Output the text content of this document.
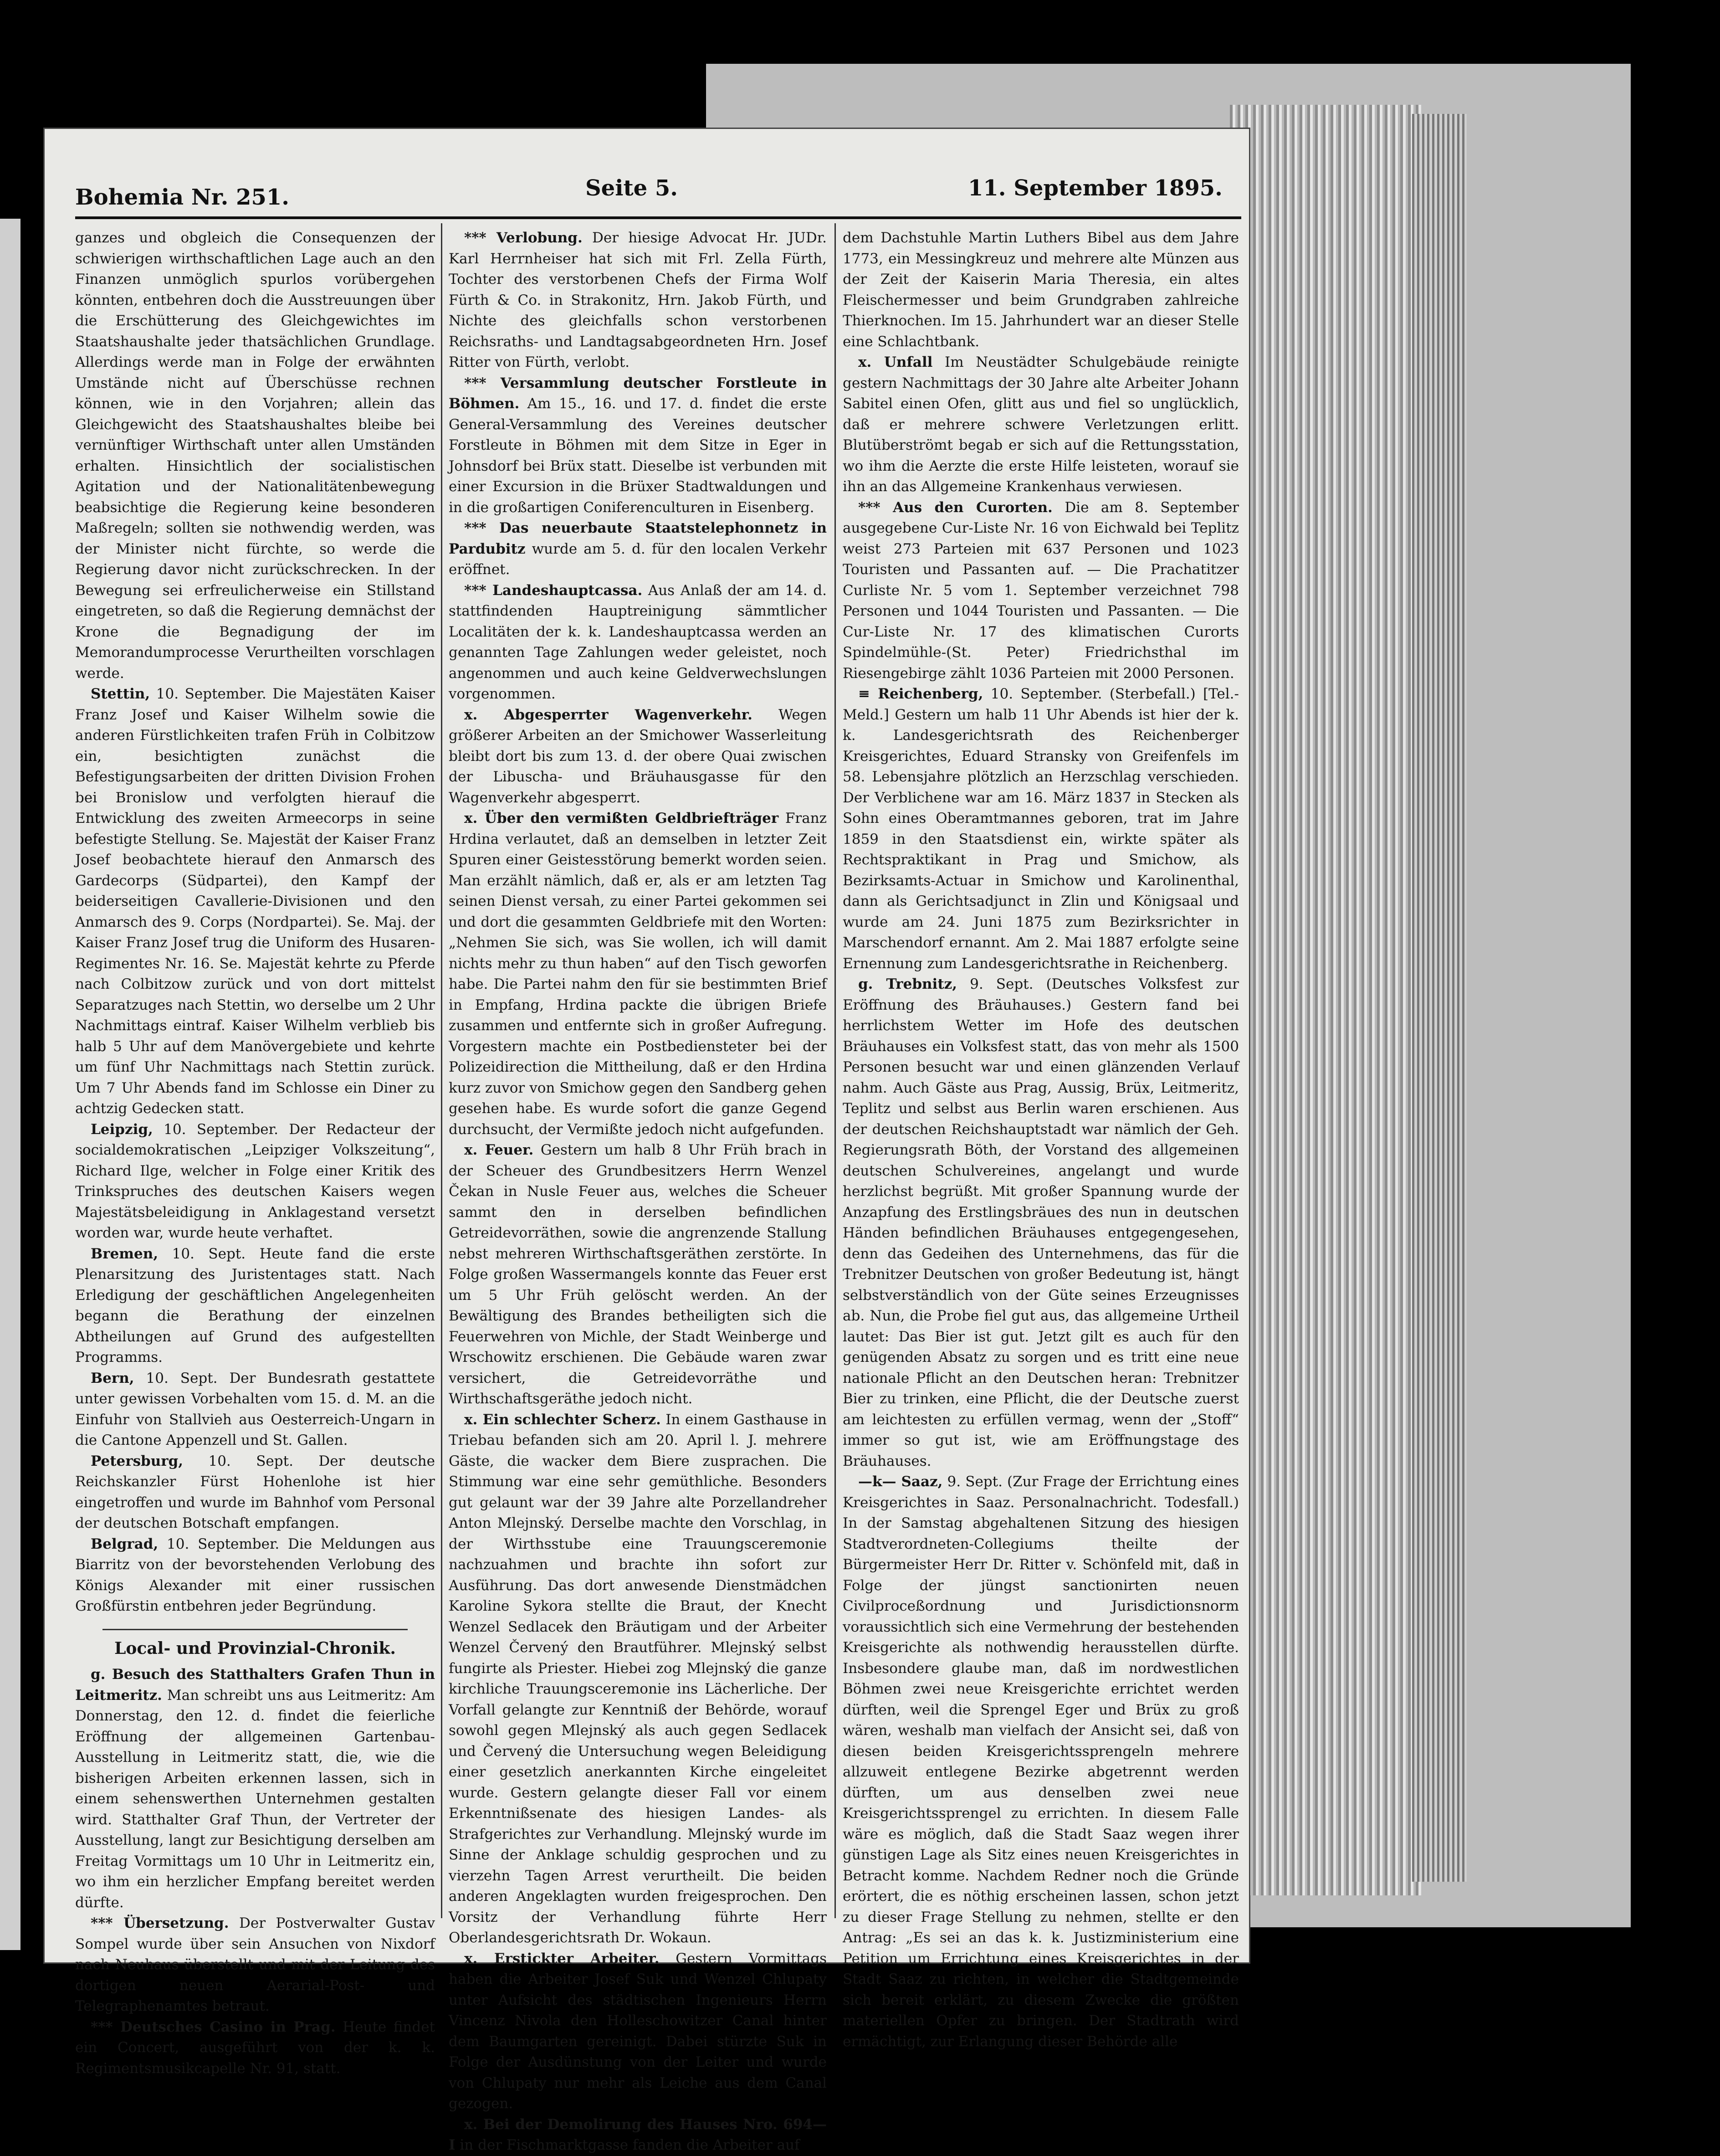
Bohemia Nr. 251.	Seite 5.	11. September 1895.

ganzes und obgleich die Consequenzen der schwierigen wirthschaftlichen Lage auch an den Finanzen unmöglich spurlos vorübergehen könnten, entbehren doch die Ausstreuungen über die Erschütterung des Gleichgewichtes im Staatshaushalte jeder thatsächlichen Grundlage. Allerdings werde man in Folge der erwähnten Umstände nicht auf Überschüsse rechnen können, wie in den Vorjahren; allein das Gleichgewicht des Staatshaushaltes bleibe bei vernünftiger Wirthschaft unter allen Umständen erhalten. Hinsichtlich der socialistischen Agitation und der Nationalitätenbewegung beabsichtige die Regierung keine besonderen Maßregeln; sollten sie nothwendig werden, was der Minister nicht fürchte, so werde die Regierung davor nicht zurückschrecken. In der Bewegung sei erfreulicherweise ein Stillstand eingetreten, so daß die Regierung demnächst der Krone die Begnadigung der im Memorandumprocesse Verurtheilten vorschlagen werde.

Stettin, 10. September. Die Majestäten Kaiser Franz Josef und Kaiser Wilhelm sowie die anderen Fürstlichkeiten trafen Früh in Colbitzow ein, besichtigten zunächst die Befestigungsarbeiten der dritten Division Frohen bei Bronislow und verfolgten hierauf die Entwicklung des zweiten Armeecorps in seine befestigte Stellung. Se. Majestät der Kaiser Franz Josef beobachtete hierauf den Anmarsch des Gardecorps (Südpartei), den Kampf der beiderseitigen Cavallerie-Divisionen und den Anmarsch des 9. Corps (Nordpartei). Se. Maj. der Kaiser Franz Josef trug die Uniform des Husaren-Regimentes Nr. 16. Se. Majestät kehrte zu Pferde nach Colbitzow zurück und von dort mittelst Separatzuges nach Stettin, wo derselbe um 2 Uhr Nachmittags eintraf. Kaiser Wilhelm verblieb bis halb 5 Uhr auf dem Manövergebiete und kehrte um fünf Uhr Nachmittags nach Stettin zurück. Um 7 Uhr Abends fand im Schlosse ein Diner zu achtzig Gedecken statt.

Leipzig, 10. September. Der Redacteur der socialdemokratischen „Leipziger Volkszeitung“, Richard Ilge, welcher in Folge einer Kritik des Trinkspruches des deutschen Kaisers wegen Majestätsbeleidigung in Anklagestand versetzt worden war, wurde heute verhaftet.

Bremen, 10. Sept. Heute fand die erste Plenarsitzung des Juristentages statt. Nach Erledigung der geschäftlichen Angelegenheiten begann die Berathung der einzelnen Abtheilungen auf Grund des aufgestellten Programms.

Bern, 10. Sept. Der Bundesrath gestattete unter gewissen Vorbehalten vom 15. d. M. an die Einfuhr von Stallvieh aus Oesterreich-Ungarn in die Cantone Appenzell und St. Gallen.

Petersburg, 10. Sept. Der deutsche Reichskanzler Fürst Hohenlohe ist hier eingetroffen und wurde im Bahnhof vom Personal der deutschen Botschaft empfangen.

Belgrad, 10. September. Die Meldungen aus Biarritz von der bevorstehenden Verlobung des Königs Alexander mit einer russischen Großfürstin entbehren jeder Begründung.

Local- und Provinzial-Chronik.

g. Besuch des Statthalters Grafen Thun in Leitmeritz. Man schreibt uns aus Leitmeritz: Am Donnerstag, den 12. d. findet die feierliche Eröffnung der allgemeinen Gartenbau-Ausstellung in Leitmeritz statt, die, wie die bisherigen Arbeiten erkennen lassen, sich in einem sehenswerthen Unternehmen gestalten wird. Statthalter Graf Thun, der Vertreter der Ausstellung, langt zur Besichtigung derselben am Freitag Vormittags um 10 Uhr in Leitmeritz ein, wo ihm ein herzlicher Empfang bereitet werden dürfte.

*** Übersetzung. Der Postverwalter Gustav Sompel wurde über sein Ansuchen von Nixdorf nach Neuhaus überstellt und mit der Leitung des dortigen neuen Aerarial-Post- und Telegraphenamtes betraut.

*** Deutsches Casino in Prag. Heute findet ein Concert, ausgeführt von der k. k. Regimentsmusikcapelle Nr. 91, statt.

*** Verlobung. Der hiesige Advocat Hr. JUDr. Karl Herrnheiser hat sich mit Frl. Zella Fürth, Tochter des verstorbenen Chefs der Firma Wolf Fürth & Co. in Strakonitz, Hrn. Jakob Fürth, und Nichte des gleichfalls schon verstorbenen Reichsraths- und Landtagsabgeordneten Hrn. Josef Ritter von Fürth, verlobt.

*** Versammlung deutscher Forstleute in Böhmen. Am 15., 16. und 17. d. findet die erste General-Versammlung des Vereines deutscher Forstleute in Böhmen mit dem Sitze in Eger in Johnsdorf bei Brüx statt. Dieselbe ist verbunden mit einer Excursion in die Brüxer Stadtwaldungen und in die großartigen Coniferenculturen in Eisenberg.

*** Das neuerbaute Staatstelephonnetz in Pardubitz wurde am 5. d. für den localen Verkehr eröffnet.

*** Landeshauptcassa. Aus Anlaß der am 14. d. stattfindenden Hauptreinigung sämmtlicher Localitäten der k. k. Landeshauptcassa werden an genannten Tage Zahlungen weder geleistet, noch angenommen und auch keine Geldverwechslungen vorgenommen.

x. Abgesperrter Wagenverkehr. Wegen größerer Arbeiten an der Smichower Wasserleitung bleibt dort bis zum 13. d. der obere Quai zwischen der Libuscha- und Bräuhausgasse für den Wagenverkehr abgesperrt.

x. Über den vermißten Geldbriefträger Franz Hrdina verlautet, daß an demselben in letzter Zeit Spuren einer Geistesstörung bemerkt worden seien. Man erzählt nämlich, daß er, als er am letzten Tag seinen Dienst versah, zu einer Partei gekommen sei und dort die gesammten Geldbriefe mit den Worten: „Nehmen Sie sich, was Sie wollen, ich will damit nichts mehr zu thun haben“ auf den Tisch geworfen habe. Die Partei nahm den für sie bestimmten Brief in Empfang, Hrdina packte die übrigen Briefe zusammen und entfernte sich in großer Aufregung. Vorgestern machte ein Postbediensteter bei der Polizeidirection die Mittheilung, daß er den Hrdina kurz zuvor von Smichow gegen den Sandberg gehen gesehen habe. Es wurde sofort die ganze Gegend durchsucht, der Vermißte jedoch nicht aufgefunden.

x. Feuer. Gestern um halb 8 Uhr Früh brach in der Scheuer des Grundbesitzers Herrn Wenzel Čekan in Nusle Feuer aus, welches die Scheuer sammt den in derselben befindlichen Getreidevorräthen, sowie die angrenzende Stallung nebst mehreren Wirthschaftsgeräthen zerstörte. In Folge großen Wassermangels konnte das Feuer erst um 5 Uhr Früh gelöscht werden. An der Bewältigung des Brandes betheiligten sich die Feuerwehren von Michle, der Stadt Weinberge und Wrschowitz erschienen. Die Gebäude waren zwar versichert, die Getreidevorräthe und Wirthschaftsgeräthe jedoch nicht.

x. Ein schlechter Scherz. In einem Gasthause in Triebau befanden sich am 20. April l. J. mehrere Gäste, die wacker dem Biere zusprachen. Die Stimmung war eine sehr gemüthliche. Besonders gut gelaunt war der 39 Jahre alte Porzellandreher Anton Mlejnský. Derselbe machte den Vorschlag, in der Wirthsstube eine Trauungsceremonie nachzuahmen und brachte ihn sofort zur Ausführung. Das dort anwesende Dienstmädchen Karoline Sykora stellte die Braut, der Knecht Wenzel Sedlacek den Bräutigam und der Arbeiter Wenzel Červený den Brautführer. Mlejnský selbst fungirte als Priester. Hiebei zog Mlejnský die ganze kirchliche Trauungsceremonie ins Lächerliche. Der Vorfall gelangte zur Kenntniß der Behörde, worauf sowohl gegen Mlejnský als auch gegen Sedlacek und Červený die Untersuchung wegen Beleidigung einer gesetzlich anerkannten Kirche eingeleitet wurde. Gestern gelangte dieser Fall vor einem Erkenntnißsenate des hiesigen Landes- als Strafgerichtes zur Verhandlung. Mlejnský wurde im Sinne der Anklage schuldig gesprochen und zu vierzehn Tagen Arrest verurtheilt. Die beiden anderen Angeklagten wurden freigesprochen. Den Vorsitz der Verhandlung führte Herr Oberlandesgerichtsrath Dr. Wokaun.

x. Erstickter Arbeiter. Gestern Vormittags haben die Arbeiter Josef Suk und Wenzel Chlupaty unter Aufsicht des städtischen Ingenieurs Herrn Vincenz Nivola den Holleschowitzer Canal hinter dem Baumgarten gereinigt. Dabei stürzte Suk in Folge der Ausdünstung von der Leiter und wurde von Chlupaty nur mehr als Leiche aus dem Canal gezogen.

x. Bei der Demolirung des Hauses Nro. 694—I in der Fischmarktgasse fanden die Arbeiter auf

dem Dachstuhle Martin Luthers Bibel aus dem Jahre 1773, ein Messingkreuz und mehrere alte Münzen aus der Zeit der Kaiserin Maria Theresia, ein altes Fleischermesser und beim Grundgraben zahlreiche Thierknochen. Im 15. Jahrhundert war an dieser Stelle eine Schlachtbank.

x. Unfall Im Neustädter Schulgebäude reinigte gestern Nachmittags der 30 Jahre alte Arbeiter Johann Sabitel einen Ofen, glitt aus und fiel so unglücklich, daß er mehrere schwere Verletzungen erlitt. Blutüberströmt begab er sich auf die Rettungsstation, wo ihm die Aerzte die erste Hilfe leisteten, worauf sie ihn an das Allgemeine Krankenhaus verwiesen.

*** Aus den Curorten. Die am 8. September ausgegebene Cur-Liste Nr. 16 von Eichwald bei Teplitz weist 273 Parteien mit 637 Personen und 1023 Touristen und Passanten auf. — Die Prachatitzer Curliste Nr. 5 vom 1. September verzeichnet 798 Personen und 1044 Touristen und Passanten. — Die Cur-Liste Nr. 17 des klimatischen Curorts Spindelmühle-(St. Peter) Friedrichsthal im Riesengebirge zählt 1036 Parteien mit 2000 Personen.

≡ Reichenberg, 10. September. (Sterbefall.) [Tel.-Meld.] Gestern um halb 11 Uhr Abends ist hier der k. k. Landesgerichtsrath des Reichenberger Kreisgerichtes, Eduard Stransky von Greifenfels im 58. Lebensjahre plötzlich an Herzschlag verschieden. Der Verblichene war am 16. März 1837 in Stecken als Sohn eines Oberamtmannes geboren, trat im Jahre 1859 in den Staatsdienst ein, wirkte später als Rechtspraktikant in Prag und Smichow, als Bezirksamts-Actuar in Smichow und Karolinenthal, dann als Gerichtsadjunct in Zlin und Königsaal und wurde am 24. Juni 1875 zum Bezirksrichter in Marschendorf ernannt. Am 2. Mai 1887 erfolgte seine Ernennung zum Landesgerichtsrathe in Reichenberg.

g. Trebnitz, 9. Sept. (Deutsches Volksfest zur Eröffnung des Bräuhauses.) Gestern fand bei herrlichstem Wetter im Hofe des deutschen Bräuhauses ein Volksfest statt, das von mehr als 1500 Personen besucht war und einen glänzenden Verlauf nahm. Auch Gäste aus Prag, Aussig, Brüx, Leitmeritz, Teplitz und selbst aus Berlin waren erschienen. Aus der deutschen Reichshauptstadt war nämlich der Geh. Regierungsrath Böth, der Vorstand des allgemeinen deutschen Schulvereines, angelangt und wurde herzlichst begrüßt. Mit großer Spannung wurde der Anzapfung des Erstlingsbräues des nun in deutschen Händen befindlichen Bräuhauses entgegengesehen, denn das Gedeihen des Unternehmens, das für die Trebnitzer Deutschen von großer Bedeutung ist, hängt selbstverständlich von der Güte seines Erzeugnisses ab. Nun, die Probe fiel gut aus, das allgemeine Urtheil lautet: Das Bier ist gut. Jetzt gilt es auch für den genügenden Absatz zu sorgen und es tritt eine neue nationale Pflicht an den Deutschen heran: Trebnitzer Bier zu trinken, eine Pflicht, die der Deutsche zuerst am leichtesten zu erfüllen vermag, wenn der „Stoff“ immer so gut ist, wie am Eröffnungstage des Bräuhauses.

—k— Saaz, 9. Sept. (Zur Frage der Errichtung eines Kreisgerichtes in Saaz. Personalnachricht. Todesfall.) In der Samstag abgehaltenen Sitzung des hiesigen Stadtverordneten-Collegiums theilte der Bürgermeister Herr Dr. Ritter v. Schönfeld mit, daß in Folge der jüngst sanctionirten neuen Civilproceßordnung und Jurisdictionsnorm voraussichtlich sich eine Vermehrung der bestehenden Kreisgerichte als nothwendig herausstellen dürfte. Insbesondere glaube man, daß im nordwestlichen Böhmen zwei neue Kreisgerichte errichtet werden dürften, weil die Sprengel Eger und Brüx zu groß wären, weshalb man vielfach der Ansicht sei, daß von diesen beiden Kreisgerichtssprengeln mehrere allzuweit entlegene Bezirke abgetrennt werden dürften, um aus denselben zwei neue Kreisgerichtssprengel zu errichten. In diesem Falle wäre es möglich, daß die Stadt Saaz wegen ihrer günstigen Lage als Sitz eines neuen Kreisgerichtes in Betracht komme. Nachdem Redner noch die Gründe erörtert, die es nöthig erscheinen lassen, schon jetzt zu dieser Frage Stellung zu nehmen, stellte er den Antrag: „Es sei an das k. k. Justizministerium eine Petition um Errichtung eines Kreisgerichtes in der Stadt Saaz zu richten, in welcher die Stadtgemeinde sich bereit erklärt, zu diesem Zwecke die größten materiellen Opfer zu bringen. Der Stadtrath wird ermächtigt, zur Erlangung dieser Behörde alle
